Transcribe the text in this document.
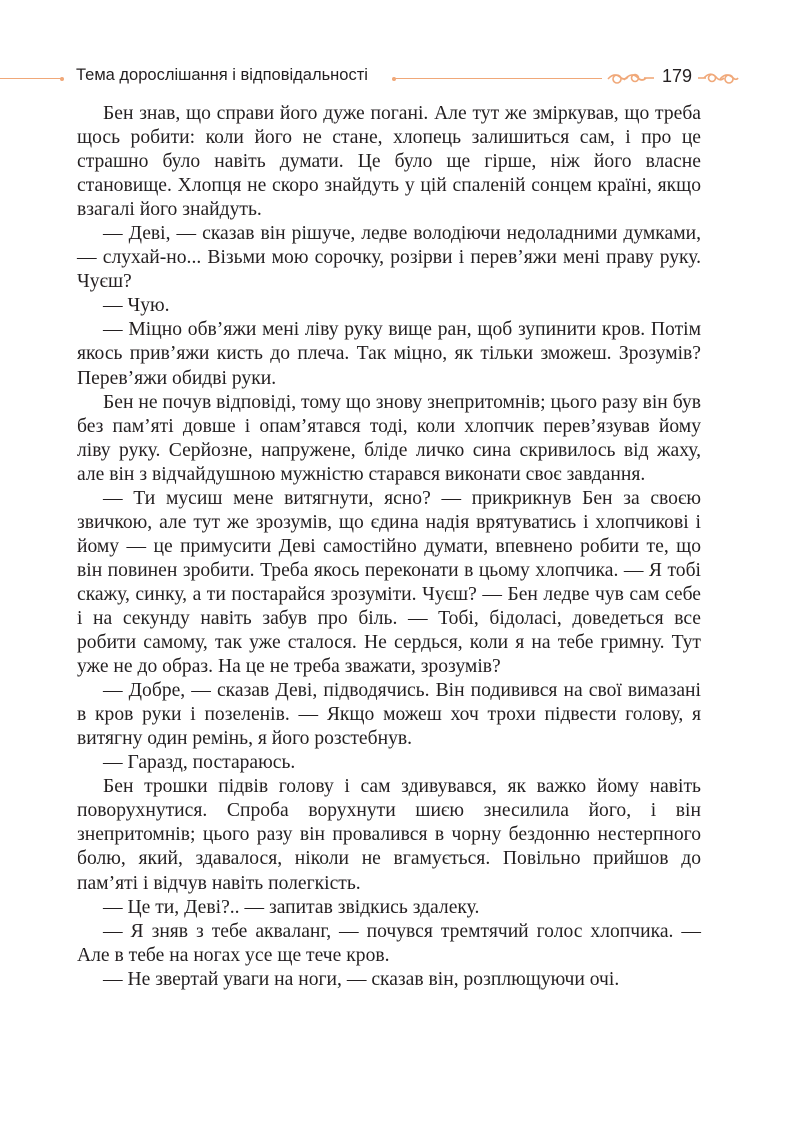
Тема дорослішання і відповідальності	179

Бен знав, що справи його дуже погані. Але тут же зміркував, що треба щось робити: коли його не стане, хлопець залишиться сам, і про це страшно було навіть думати. Це було ще гірше, ніж його власне становище. Хлопця не скоро знайдуть у цій спаленій сонцем країні, якщо взагалі його знайдуть.

— Деві, — сказав він рішуче, ледве володіючи недоладними думками, — слухай-но... Візьми мою сорочку, розірви і перев’яжи мені праву руку. Чуєш?

— Чую.

— Міцно обв’яжи мені ліву руку вище ран, щоб зупинити кров. Потім якось прив’яжи кисть до плеча. Так міцно, як тільки зможеш. Зрозумів? Перев’яжи обидві руки.

Бен не почув відповіді, тому що знову знепритомнів; цього разу він був без пам’яті довше і опам’ятався тоді, коли хлопчик перев’язував йому ліву руку. Серйозне, напружене, бліде личко сина скривилось від жаху, але він з відчайдушною мужністю старався виконати своє завдання.

— Ти мусиш мене витягнути, ясно? — прикрикнув Бен за своєю звичкою, але тут же зрозумів, що єдина надія врятуватись і хлопчикові і йому — це примусити Деві самостійно думати, впевнено робити те, що він повинен зробити. Треба якось переконати в цьому хлопчика. — Я тобі скажу, синку, а ти постарайся зрозуміти. Чуєш? — Бен ледве чув сам себе і на секунду навіть забув про біль. — Тобі, бідоласі, доведеться все робити самому, так уже сталося. Не сердься, коли я на тебе гримну. Тут уже не до образ. На це не треба зважати, зрозумів?

— Добре, — сказав Деві, підводячись. Він подивився на свої вимазані в кров руки і позеленів. — Якщо можеш хоч трохи підвести голову, я витягну один ремінь, я його розстебнув.

— Гаразд, постараюсь.

Бен трошки підвів голову і сам здивувався, як важко йому навіть поворухнутися. Спроба ворухнути шиєю знесилила його, і він знепритомнів; цього разу він провалився в чорну бездонню нестерпного болю, який, здавалося, ніколи не вгамується. Повільно прийшов до пам’яті і відчув навіть полегкість.

— Це ти, Деві?.. — запитав звідкись здалеку.

— Я зняв з тебе акваланг, — почувся тремтячий голос хлопчика. — Але в тебе на ногах усе ще тече кров.

— Не звертай уваги на ноги, — сказав він, розплющуючи очі.
